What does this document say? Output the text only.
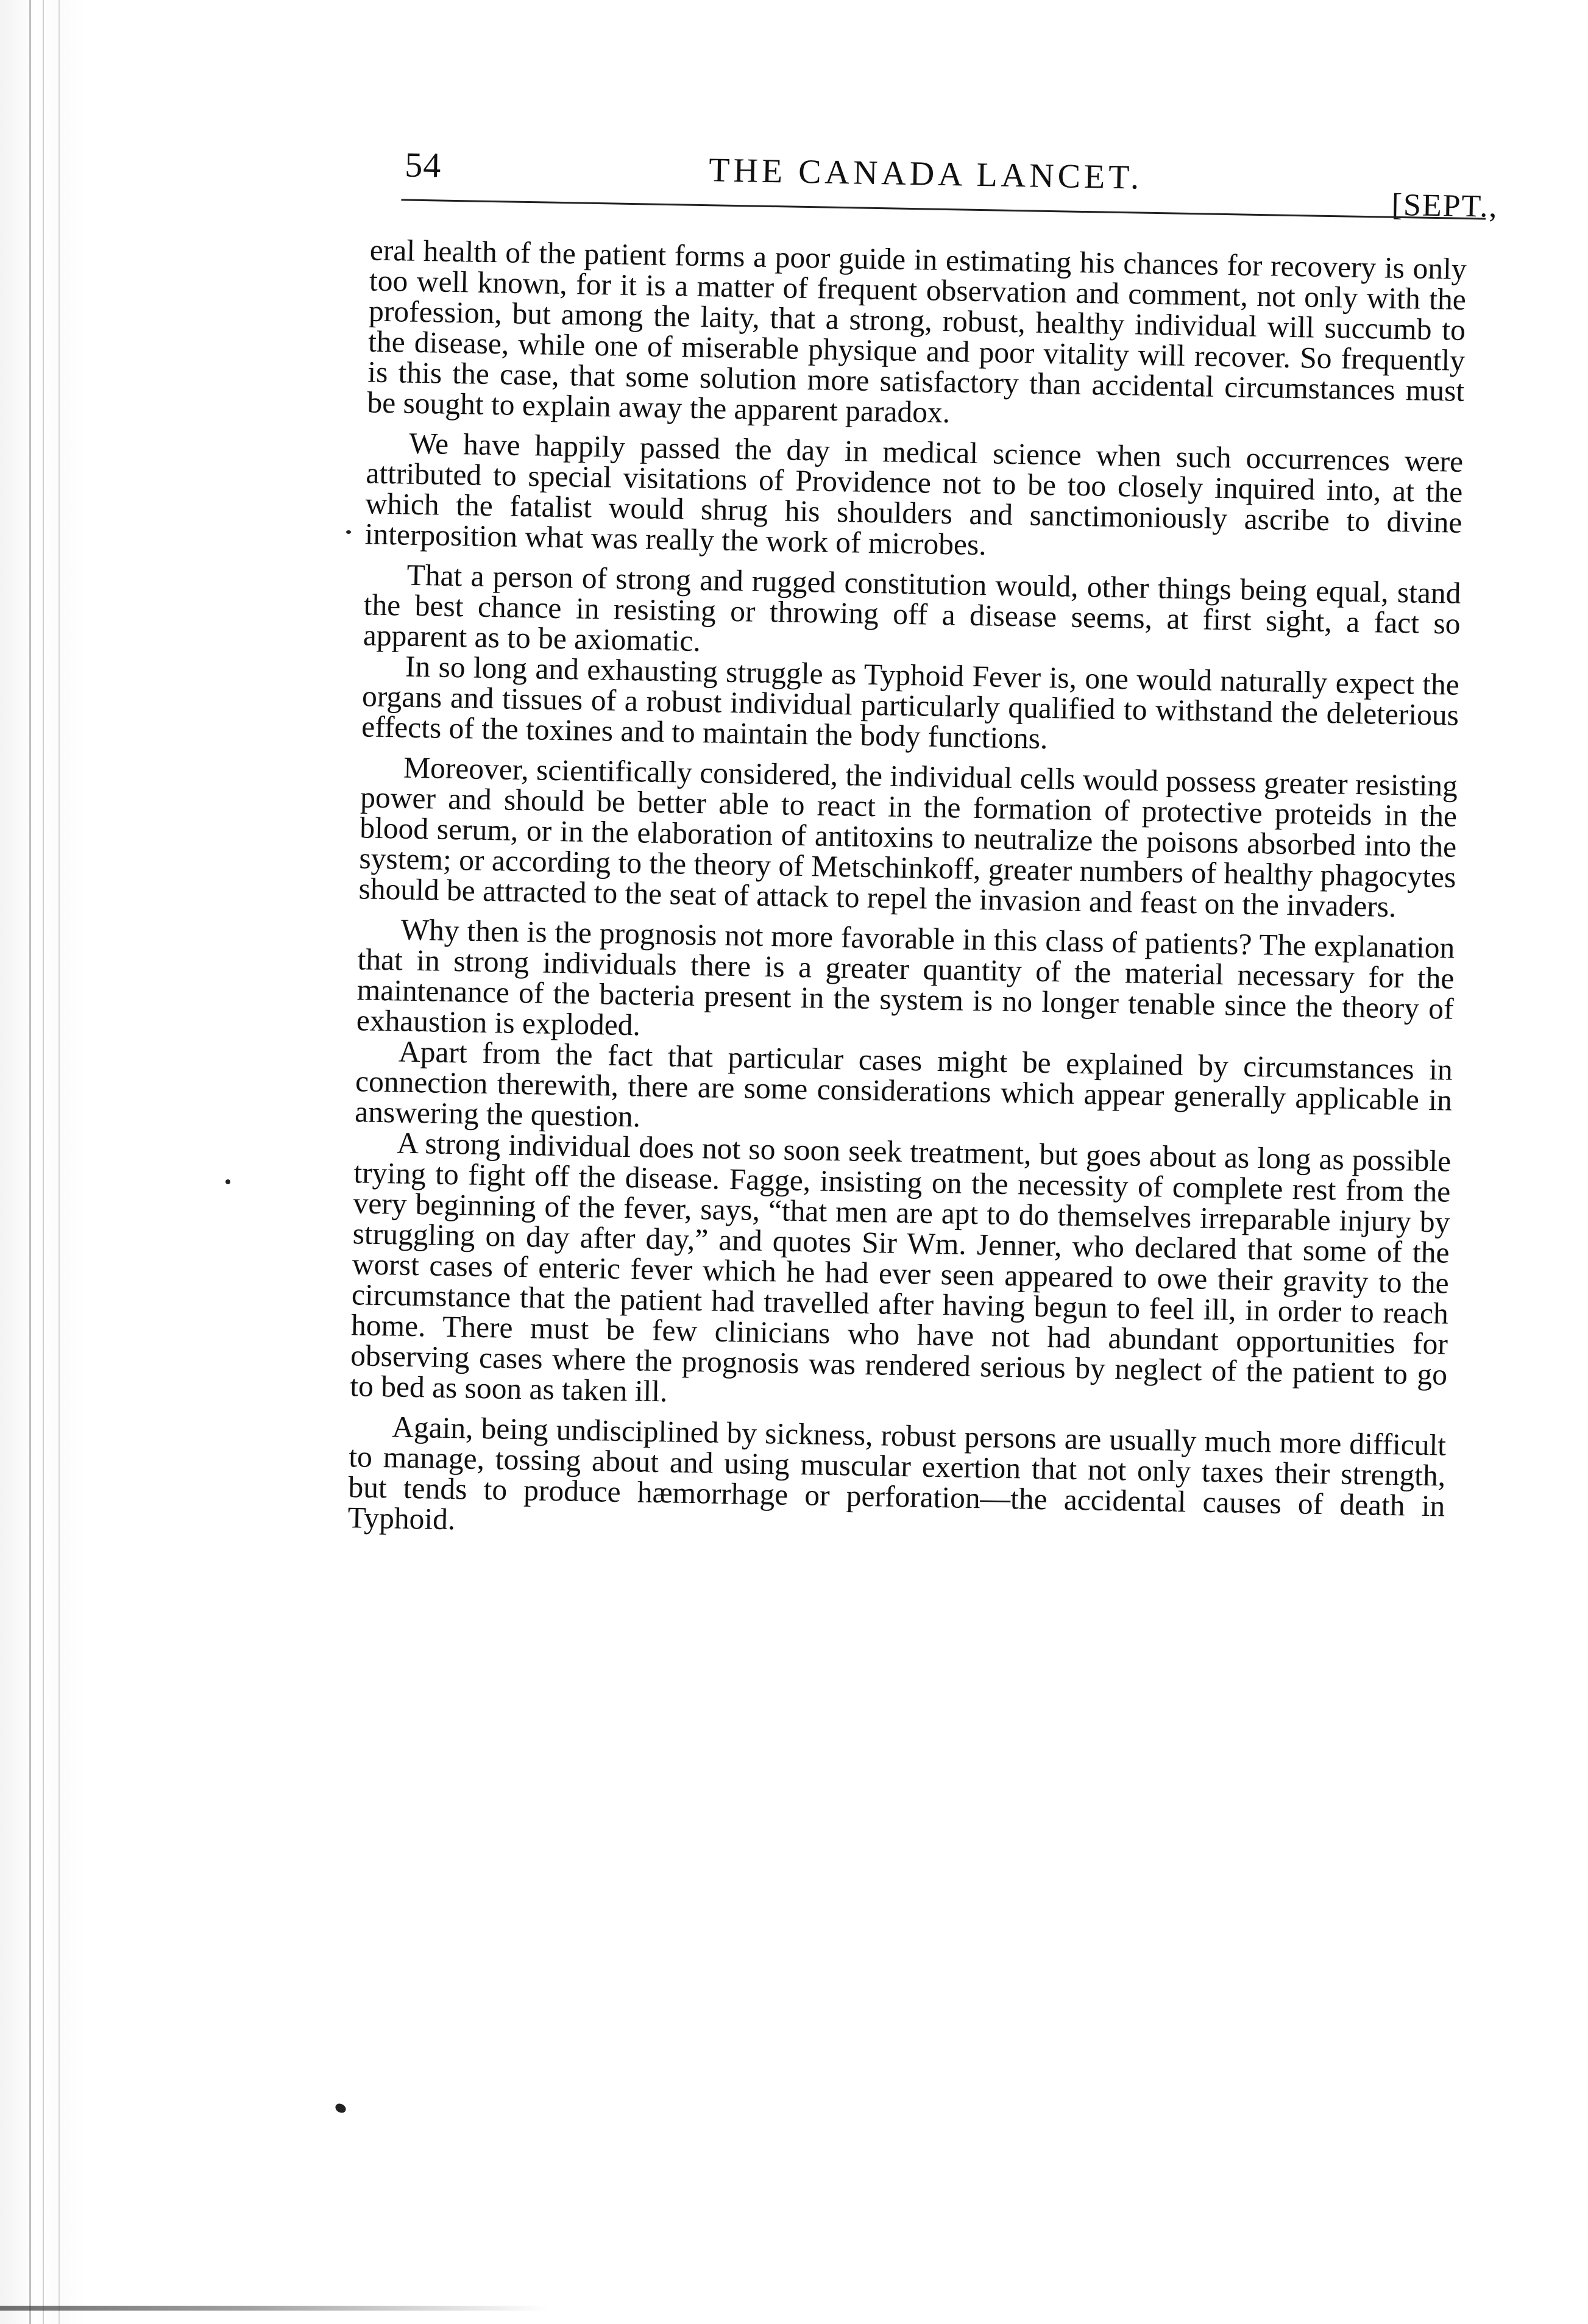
54	THE CANADA LANCET.
[SEPT.,

eral health of the patient forms a poor guide in estimating his chances for recovery is only too well known, for it is a matter of frequent observation and comment, not only with the profession, but among the laity, that a strong, robust, healthy individual will succumb to the disease, while one of miserable physique and poor vitality will recover. So frequently is this the case, that some solution more satisfactory than accidental circumstances must be sought to explain away the apparent paradox.

We have happily passed the day in medical science when such occurrences were attributed to special visitations of Providence not to be too closely inquired into, at the which the fatalist would shrug his shoulders and sanctimoniously ascribe to divine interposition what was really the work of microbes.

That a person of strong and rugged constitution would, other things being equal, stand the best chance in resisting or throwing off a disease seems, at first sight, a fact so apparent as to be axiomatic.

In so long and exhausting struggle as Typhoid Fever is, one would naturally expect the organs and tissues of a robust individual particularly qualified to withstand the deleterious effects of the toxines and to maintain the body functions.

Moreover, scientifically considered, the individual cells would possess greater resisting power and should be better able to react in the formation of protective proteids in the blood serum, or in the elaboration of antitoxins to neutralize the poisons absorbed into the system; or according to the theory of Metschinkoff, greater numbers of healthy phagocytes should be attracted to the seat of attack to repel the invasion and feast on the invaders.

Why then is the prognosis not more favorable in this class of patients? The explanation that in strong individuals there is a greater quantity of the material necessary for the maintenance of the bacteria present in the system is no longer tenable since the theory of exhaustion is exploded.

Apart from the fact that particular cases might be explained by circumstances in connection therewith, there are some considerations which appear generally applicable in answering the question.

A strong individual does not so soon seek treatment, but goes about as long as possible trying to fight off the disease. Fagge, insisting on the necessity of complete rest from the very beginning of the fever, says, “that men are apt to do themselves irreparable injury by struggling on day after day,” and quotes Sir Wm. Jenner, who declared that some of the worst cases of enteric fever which he had ever seen appeared to owe their gravity to the circumstance that the patient had travelled after having begun to feel ill, in order to reach home. There must be few clinicians who have not had abundant opportunities for observing cases where the prognosis was rendered serious by neglect of the patient to go to bed as soon as taken ill.

Again, being undisciplined by sickness, robust persons are usually much more difficult to manage, tossing about and using muscular exertion that not only taxes their strength, but tends to produce hæmorrhage or perforation—the accidental causes of death in Typhoid.
